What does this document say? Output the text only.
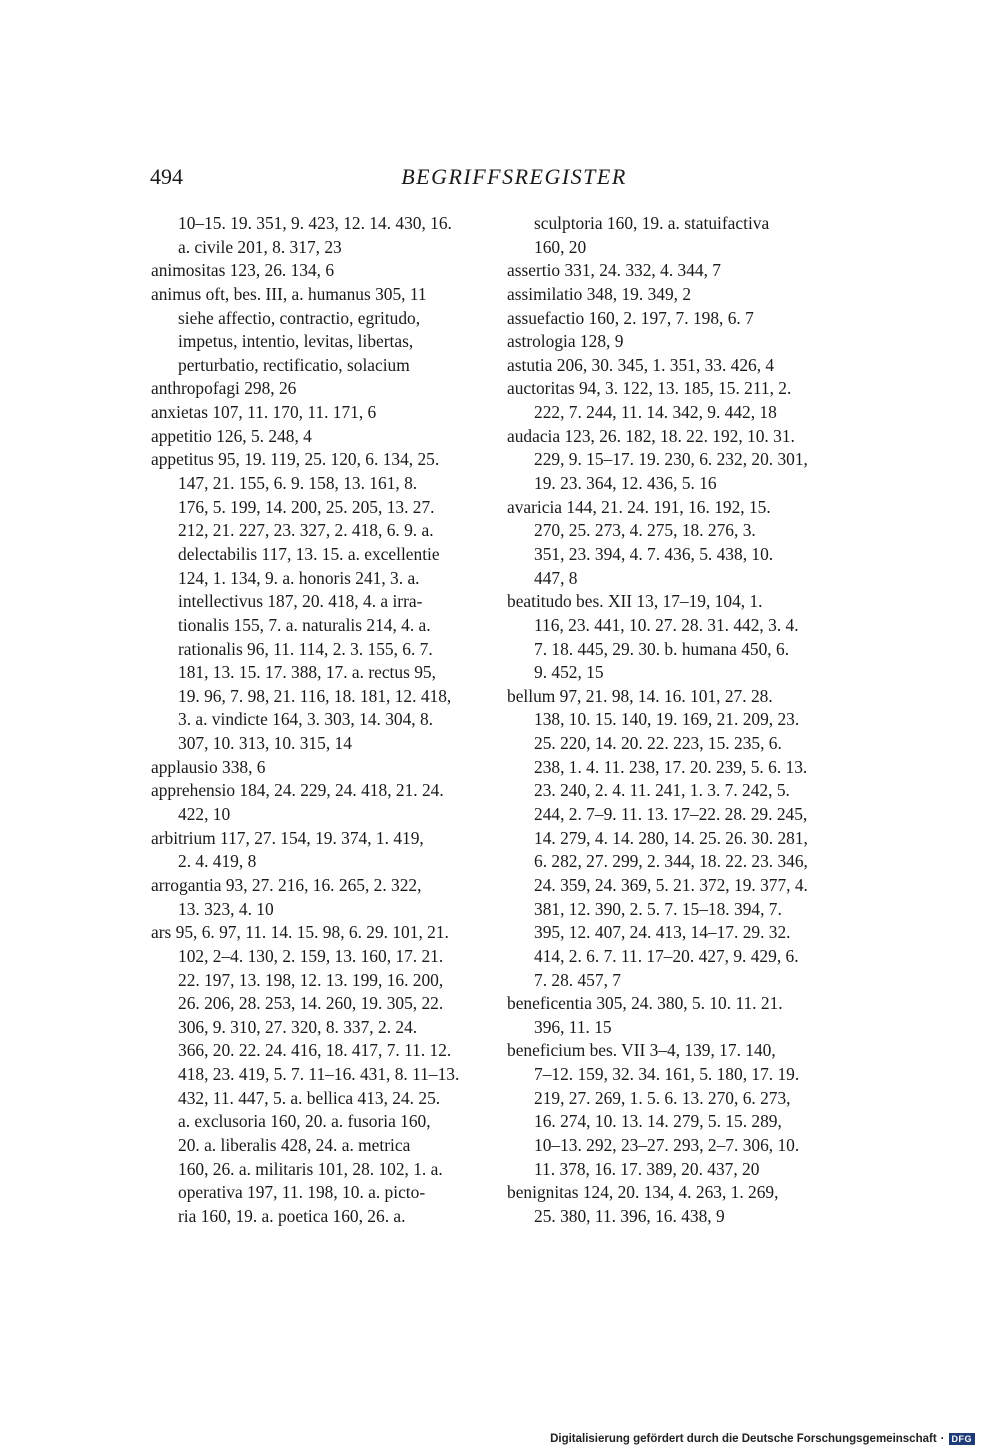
494	BEGRIFFSREGISTER
10–15. 19. 351, 9. 423, 12. 14. 430, 16.
a. civile 201, 8. 317, 23
animositas 123, 26. 134, 6
animus oft, bes. III, a. humanus 305, 11
siehe affectio, contractio, egritudo,
impetus, intentio, levitas, libertas,
perturbatio, rectificatio, solacium
anthropofagi 298, 26
anxietas 107, 11. 170, 11. 171, 6
appetitio 126, 5. 248, 4
appetitus 95, 19. 119, 25. 120, 6. 134, 25.
147, 21. 155, 6. 9. 158, 13. 161, 8.
176, 5. 199, 14. 200, 25. 205, 13. 27.
212, 21. 227, 23. 327, 2. 418, 6. 9. a.
delectabilis 117, 13. 15. a. excellentie
124, 1. 134, 9. a. honoris 241, 3. a.
intellectivus 187, 20. 418, 4. a irra-
tionalis 155, 7. a. naturalis 214, 4. a.
rationalis 96, 11. 114, 2. 3. 155, 6. 7.
181, 13. 15. 17. 388, 17. a. rectus 95,
19. 96, 7. 98, 21. 116, 18. 181, 12. 418,
3. a. vindicte 164, 3. 303, 14. 304, 8.
307, 10. 313, 10. 315, 14
applausio 338, 6
apprehensio 184, 24. 229, 24. 418, 21. 24.
422, 10
arbitrium 117, 27. 154, 19. 374, 1. 419,
2. 4. 419, 8
arrogantia 93, 27. 216, 16. 265, 2. 322,
13. 323, 4. 10
ars 95, 6. 97, 11. 14. 15. 98, 6. 29. 101, 21.
102, 2–4. 130, 2. 159, 13. 160, 17. 21.
22. 197, 13. 198, 12. 13. 199, 16. 200,
26. 206, 28. 253, 14. 260, 19. 305, 22.
306, 9. 310, 27. 320, 8. 337, 2. 24.
366, 20. 22. 24. 416, 18. 417, 7. 11. 12.
418, 23. 419, 5. 7. 11–16. 431, 8. 11–13.
432, 11. 447, 5. a. bellica 413, 24. 25.
a. exclusoria 160, 20. a. fusoria 160,
20. a. liberalis 428, 24. a. metrica
160, 26. a. militaris 101, 28. 102, 1. a.
operativa 197, 11. 198, 10. a. picto-
ria 160, 19. a. poetica 160, 26. a.
sculptoria 160, 19. a. statuifactiva
160, 20
assertio 331, 24. 332, 4. 344, 7
assimilatio 348, 19. 349, 2
assuefactio 160, 2. 197, 7. 198, 6. 7
astrologia 128, 9
astutia 206, 30. 345, 1. 351, 33. 426, 4
auctoritas 94, 3. 122, 13. 185, 15. 211, 2.
222, 7. 244, 11. 14. 342, 9. 442, 18
audacia 123, 26. 182, 18. 22. 192, 10. 31.
229, 9. 15–17. 19. 230, 6. 232, 20. 301,
19. 23. 364, 12. 436, 5. 16
avaricia 144, 21. 24. 191, 16. 192, 15.
270, 25. 273, 4. 275, 18. 276, 3.
351, 23. 394, 4. 7. 436, 5. 438, 10.
447, 8
beatitudo bes. XII 13, 17–19, 104, 1.
116, 23. 441, 10. 27. 28. 31. 442, 3. 4.
7. 18. 445, 29. 30. b. humana 450, 6.
9. 452, 15
bellum 97, 21. 98, 14. 16. 101, 27. 28.
138, 10. 15. 140, 19. 169, 21. 209, 23.
25. 220, 14. 20. 22. 223, 15. 235, 6.
238, 1. 4. 11. 238, 17. 20. 239, 5. 6. 13.
23. 240, 2. 4. 11. 241, 1. 3. 7. 242, 5.
244, 2. 7–9. 11. 13. 17–22. 28. 29. 245,
14. 279, 4. 14. 280, 14. 25. 26. 30. 281,
6. 282, 27. 299, 2. 344, 18. 22. 23. 346,
24. 359, 24. 369, 5. 21. 372, 19. 377, 4.
381, 12. 390, 2. 5. 7. 15–18. 394, 7.
395, 12. 407, 24. 413, 14–17. 29. 32.
414, 2. 6. 7. 11. 17–20. 427, 9. 429, 6.
7. 28. 457, 7
beneficentia 305, 24. 380, 5. 10. 11. 21.
396, 11. 15
beneficium bes. VII 3–4, 139, 17. 140,
7–12. 159, 32. 34. 161, 5. 180, 17. 19.
219, 27. 269, 1. 5. 6. 13. 270, 6. 273,
16. 274, 10. 13. 14. 279, 5. 15. 289,
10–13. 292, 23–27. 293, 2–7. 306, 10.
11. 378, 16. 17. 389, 20. 437, 20
benignitas 124, 20. 134, 4. 263, 1. 269,
25. 380, 11. 396, 16. 438, 9
Digitalisierung gefördert durch die Deutsche Forschungsgemeinschaft · DFG
